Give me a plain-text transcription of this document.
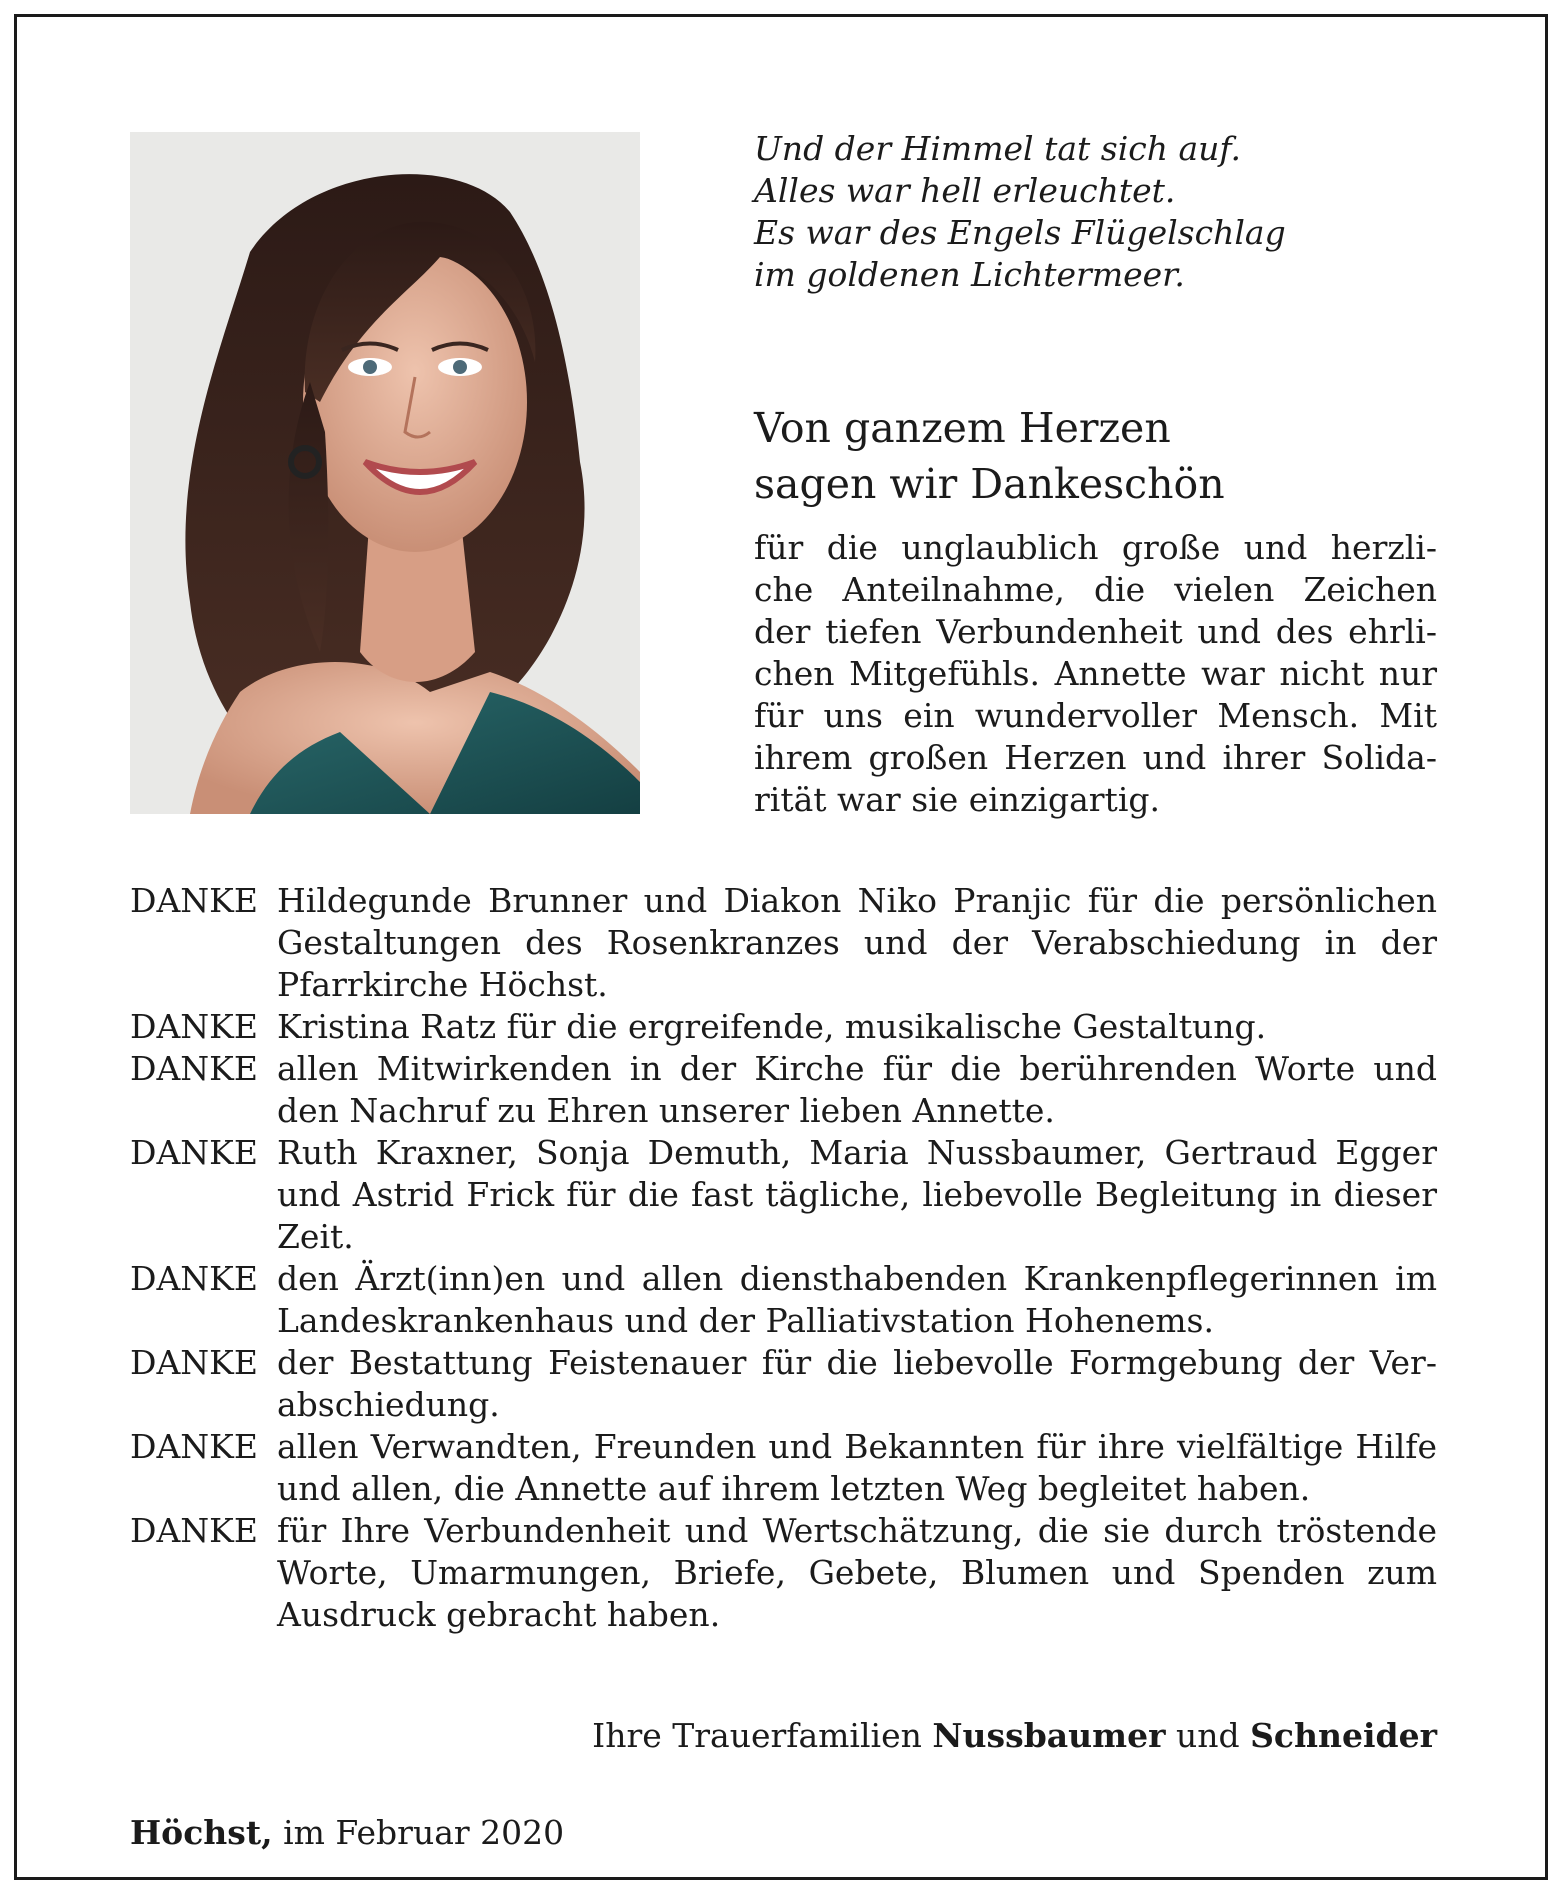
Und der Himmel tat sich auf.
Alles war hell erleuchtet.
Es war des Engels Flügelschlag
im goldenen Lichtermeer.
Von ganzem Herzen
sagen wir Dankeschön
für die unglaublich große und herzli-
che Anteilnahme, die vielen Zeichen
der tiefen Verbundenheit und des ehrli-
chen Mitgefühls. Annette war nicht nur
für uns ein wundervoller Mensch. Mit
ihrem großen Herzen und ihrer Solida-
rität war sie einzigartig.
DANKE Hildegunde Brunner und Diakon Niko Pranjic für die persönlichen
Gestaltungen des Rosenkranzes und der Verabschiedung in der
Pfarrkirche Höchst.
DANKE Kristina Ratz für die ergreifende, musikalische Gestaltung.
DANKE allen Mitwirkenden in der Kirche für die berührenden Worte und
den Nachruf zu Ehren unserer lieben Annette.
DANKE Ruth Kraxner, Sonja Demuth, Maria Nussbaumer, Gertraud Egger
und Astrid Frick für die fast tägliche, liebevolle Begleitung in dieser
Zeit.
DANKE den Ärzt(inn)en und allen diensthabenden Krankenpflegerinnen im
Landeskrankenhaus und der Palliativstation Hohenems.
DANKE der Bestattung Feistenauer für die liebevolle Formgebung der Ver-
abschiedung.
DANKE allen Verwandten, Freunden und Bekannten für ihre vielfältige Hilfe
und allen, die Annette auf ihrem letzten Weg begleitet haben.
DANKE für Ihre Verbundenheit und Wertschätzung, die sie durch tröstende
Worte, Umarmungen, Briefe, Gebete, Blumen und Spenden zum
Ausdruck gebracht haben.
Ihre Trauerfamilien Nussbaumer und Schneider
Höchst, im Februar 2020
